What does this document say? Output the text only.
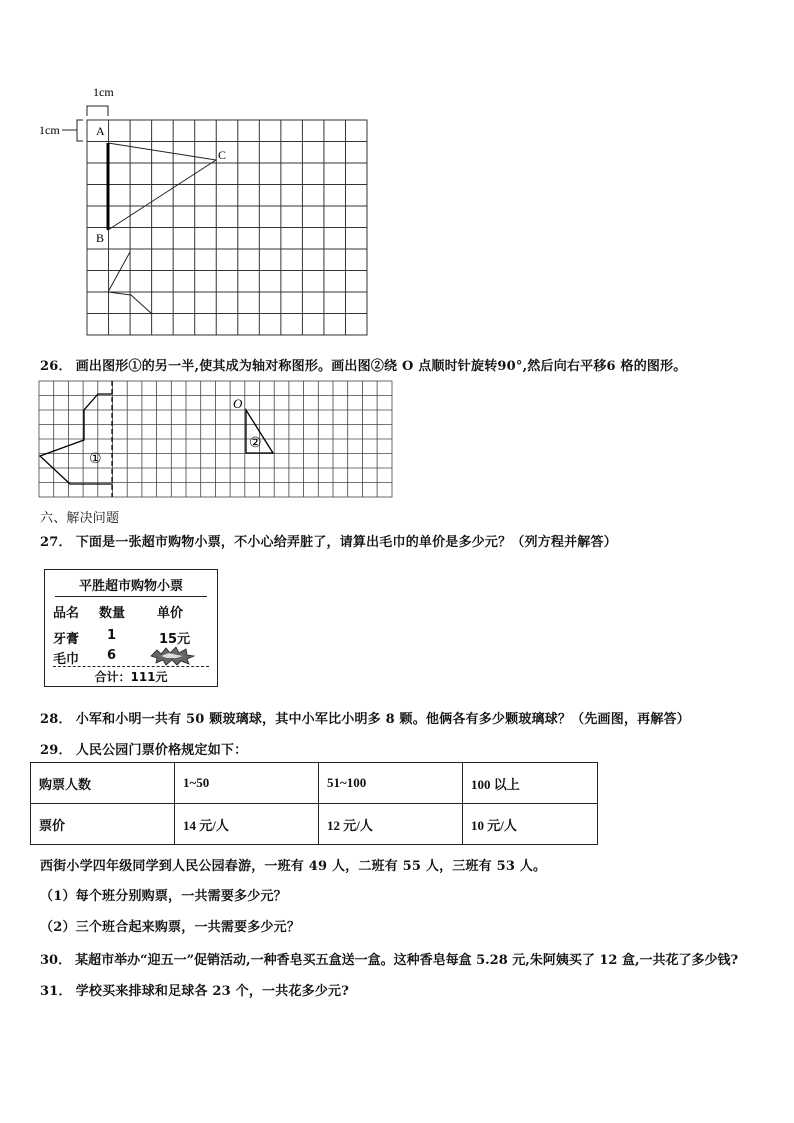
1cm
1cm	A
B
C
26． 画出图形①的另一半,使其成为轴对称图形。画出图②绕 O 点顺时针旋转90°,然后向右平移6 格的图形。
①
O
②
六、解决问题
27． 下面是一张超市购物小票，不小心给弄脏了，请算出毛巾的单价是多少元？（列方程并解答）
平胜超市购物小票
品名 数量 单价
牙膏 1	15元
毛巾 6
合计：111元
28． 小军和小明一共有 50 颗玻璃球，其中小军比小明多 8 颗。他俩各有多少颗玻璃球？（先画图，再解答）
29． 人民公园门票价格规定如下：
购票人数	1~50	51~100	100 以上
票价	14 元/人	12 元/人	10 元/人
西街小学四年级同学到人民公园春游，一班有 49 人，二班有 55 人，三班有 53 人。
（1）每个班分别购票，一共需要多少元？
（2）三个班合起来购票，一共需要多少元？
30． 某超市举办“迎五一”促销活动,一种香皂买五盒送一盒。这种香皂每盒 5.28 元,朱阿姨买了 12 盒,一共花了多少钱?
31． 学校买来排球和足球各 23 个，一共花多少元?
